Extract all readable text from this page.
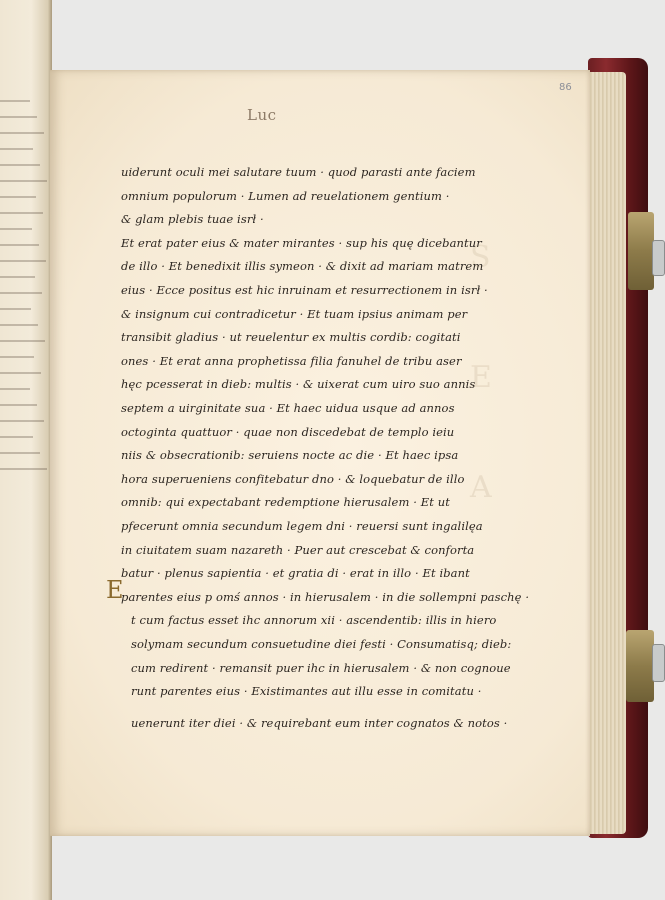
86
Luc
S
E
A
E
uiderunt oculi mei salutare tuum · quod parasti ante faciem
omnium populorum · Lumen ad reuelationem gentium ·
& glam plebis tuae isrł ·
Et erat pater eius & mater mirantes · sup his quę dicebantur
de illo · Et benedixit illis symeon · & dixit ad mariam matrem
eius · Ecce positus est hic inruinam et resurrectionem in isrł ·
& insignum cui contradicetur · Et tuam ipsius animam per
transibit gladius · ut reuelentur ex multis cordib: cogitati
ones · Et erat anna prophetissa filia fanuhel de tribu aser
hęc pcesserat in dieb: multis · & uixerat cum uiro suo annis
septem a uirginitate sua · Et haec uidua usque ad annos
octoginta quattuor · quae non discedebat de templo ieiu
niis & obsecrationib: seruiens nocte ac die · Et haec ipsa
hora superueniens confitebatur dno · & loquebatur de illo
omnib: qui expectabant redemptione hierusalem · Et ut
pfecerunt omnia secundum legem dni · reuersi sunt ingalilęa
in ciuitatem suam nazareth · Puer aut crescebat & conforta
batur · plenus sapientia · et gratia di · erat in illo · Et ibant
parentes eius p omś annos · in hierusalem · in die sollempni paschę ·
t cum factus esset ihc annorum xii · ascendentib: illis in hiero
solymam secundum consuetudine diei festi · Consumatisq; dieb:
cum redirent · remansit puer ihc in hierusalem · & non cognoue
runt parentes eius · Existimantes aut illu esse in comitatu ·
uenerunt iter diei · & requirebant eum inter cognatos & notos ·
